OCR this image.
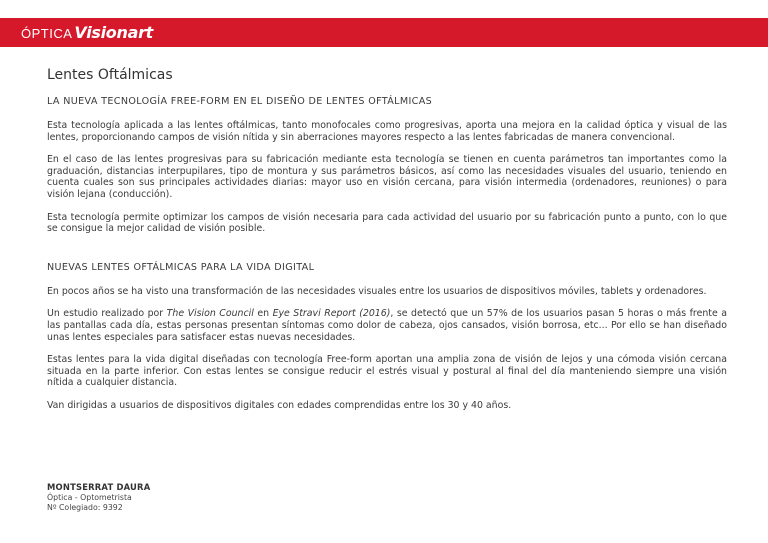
ÓPTICA Visionart
Lentes Oftálmicas
LA NUEVA TECNOLOGÍA FREE-FORM EN EL DISEÑO DE LENTES OFTÁLMICAS

Esta tecnología aplicada a las lentes oftálmicas, tanto monofocales como progresivas, aporta una mejora en la calidad óptica y visual de las lentes, proporcionando campos de visión nítida y sin aberraciones mayores respecto a las lentes fabricadas de manera convencional.

En el caso de las lentes progresivas para su fabricación mediante esta tecnología se tienen en cuenta parámetros tan importantes como la graduación, distancias interpupilares, tipo de montura y sus parámetros básicos, así como las necesidades visuales del usuario, teniendo en cuenta cuales son sus principales actividades diarias: mayor uso en visión cercana, para visión intermedia (ordenadores, reuniones) o para visión lejana (conducción).

Esta tecnología permite optimizar los campos de visión necesaria para cada actividad del usuario por su fabricación punto a punto, con lo que se consigue la mejor calidad de visión posible.

NUEVAS LENTES OFTÁLMICAS PARA LA VIDA DIGITAL

En pocos años se ha visto una transformación de las necesidades visuales entre los usuarios de dispositivos móviles, tablets y ordenadores.

Un estudio realizado por The Vision Council en Eye Stravi Report (2016), se detectó que un 57% de los usuarios pasan 5 horas o más frente a las pantallas cada día, estas personas presentan síntomas como dolor de cabeza, ojos cansados, visión borrosa, etc... Por ello se han diseñado unas lentes especiales para satisfacer estas nuevas necesidades.

Estas lentes para la vida digital diseñadas con tecnología Free-form aportan una amplia zona de visión de lejos y una cómoda visión cercana situada en la parte inferior. Con estas lentes se consigue reducir el estrés visual y postural al final del día manteniendo siempre una visión nítida a cualquier distancia.

Van dirigidas a usuarios de dispositivos digitales con edades comprendidas entre los 30 y 40 años.

MONTSERRAT DAURA
Óptica - Optometrista
Nº Colegiado: 9392
